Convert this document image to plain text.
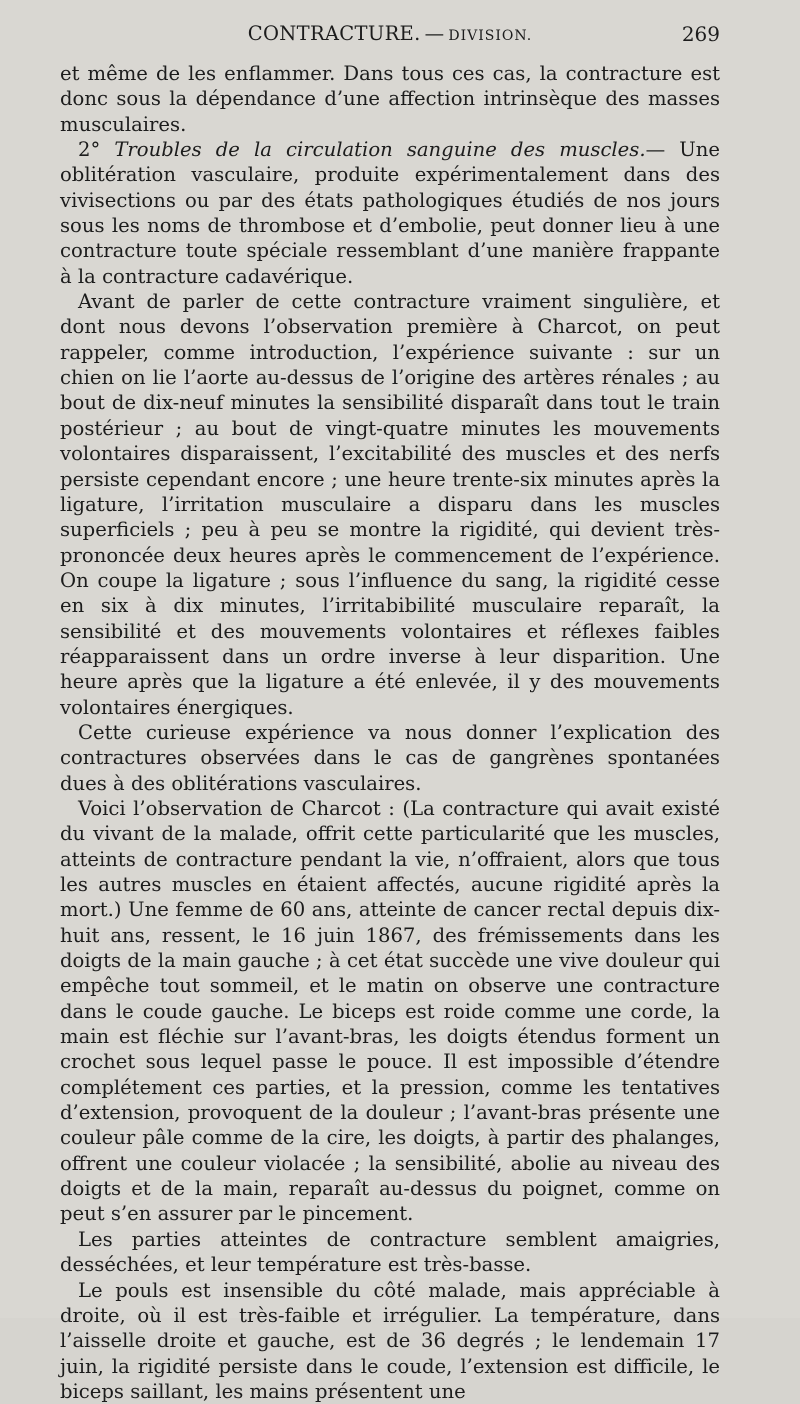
CONTRACTURE. — DIVISION.	269

et même de les enflammer. Dans tous ces cas, la contracture est donc sous la dépendance d’une affection intrinsèque des masses musculaires.

2° Troubles de la circulation sanguine des muscles.— Une oblitération vasculaire, produite expérimentalement dans des vivisections ou par des états pathologiques étudiés de nos jours sous les noms de thrombose et d’embolie, peut donner lieu à une contracture toute spéciale ressemblant d’une manière frappante à la contracture cadavérique.

Avant de parler de cette contracture vraiment singulière, et dont nous devons l’observation première à Charcot, on peut rappeler, comme introduction, l’expérience suivante : sur un chien on lie l’aorte au-dessus de l’origine des artères rénales ; au bout de dix-neuf minutes la sensibilité disparaît dans tout le train postérieur ; au bout de vingt-quatre minutes les mouvements volontaires disparaissent, l’excitabilité des muscles et des nerfs persiste cependant encore ; une heure trente-six minutes après la ligature, l’irritation musculaire a disparu dans les muscles superficiels ; peu à peu se montre la rigidité, qui devient très-prononcée deux heures après le commencement de l’expérience. On coupe la ligature ; sous l’influence du sang, la rigidité cesse en six à dix minutes, l’irritabibilité musculaire reparaît, la sensibilité et des mouvements volontaires et réflexes faibles réapparaissent dans un ordre inverse à leur disparition. Une heure après que la ligature a été enlevée, il y des mouvements volontaires énergiques.

Cette curieuse expérience va nous donner l’explication des contractures observées dans le cas de gangrènes spontanées dues à des oblitérations vasculaires.

Voici l’observation de Charcot : (La contracture qui avait existé du vivant de la malade, offrit cette particularité que les muscles, atteints de contracture pendant la vie, n’offraient, alors que tous les autres muscles en étaient affectés, aucune rigidité après la mort.) Une femme de 60 ans, atteinte de cancer rectal depuis dix-huit ans, ressent, le 16 juin 1867, des frémissements dans les doigts de la main gauche ; à cet état succède une vive douleur qui empêche tout sommeil, et le matin on observe une contracture dans le coude gauche. Le biceps est roide comme une corde, la main est fléchie sur l’avant-bras, les doigts étendus forment un crochet sous lequel passe le pouce. Il est impossible d’étendre complétement ces parties, et la pression, comme les tentatives d’extension, provoquent de la douleur ; l’avant-bras présente une couleur pâle comme de la cire, les doigts, à partir des phalanges, offrent une couleur violacée ; la sensibilité, abolie au niveau des doigts et de la main, reparaît au-dessus du poignet, comme on peut s’en assurer par le pincement.

Les parties atteintes de contracture semblent amaigries, desséchées, et leur température est très-basse.

Le pouls est insensible du côté malade, mais appréciable à droite, où il est très-faible et irrégulier. La température, dans l’aisselle droite et gauche, est de 36 degrés ; le lendemain 17 juin, la rigidité persiste dans le coude, l’extension est difficile, le biceps saillant, les mains présentent une
